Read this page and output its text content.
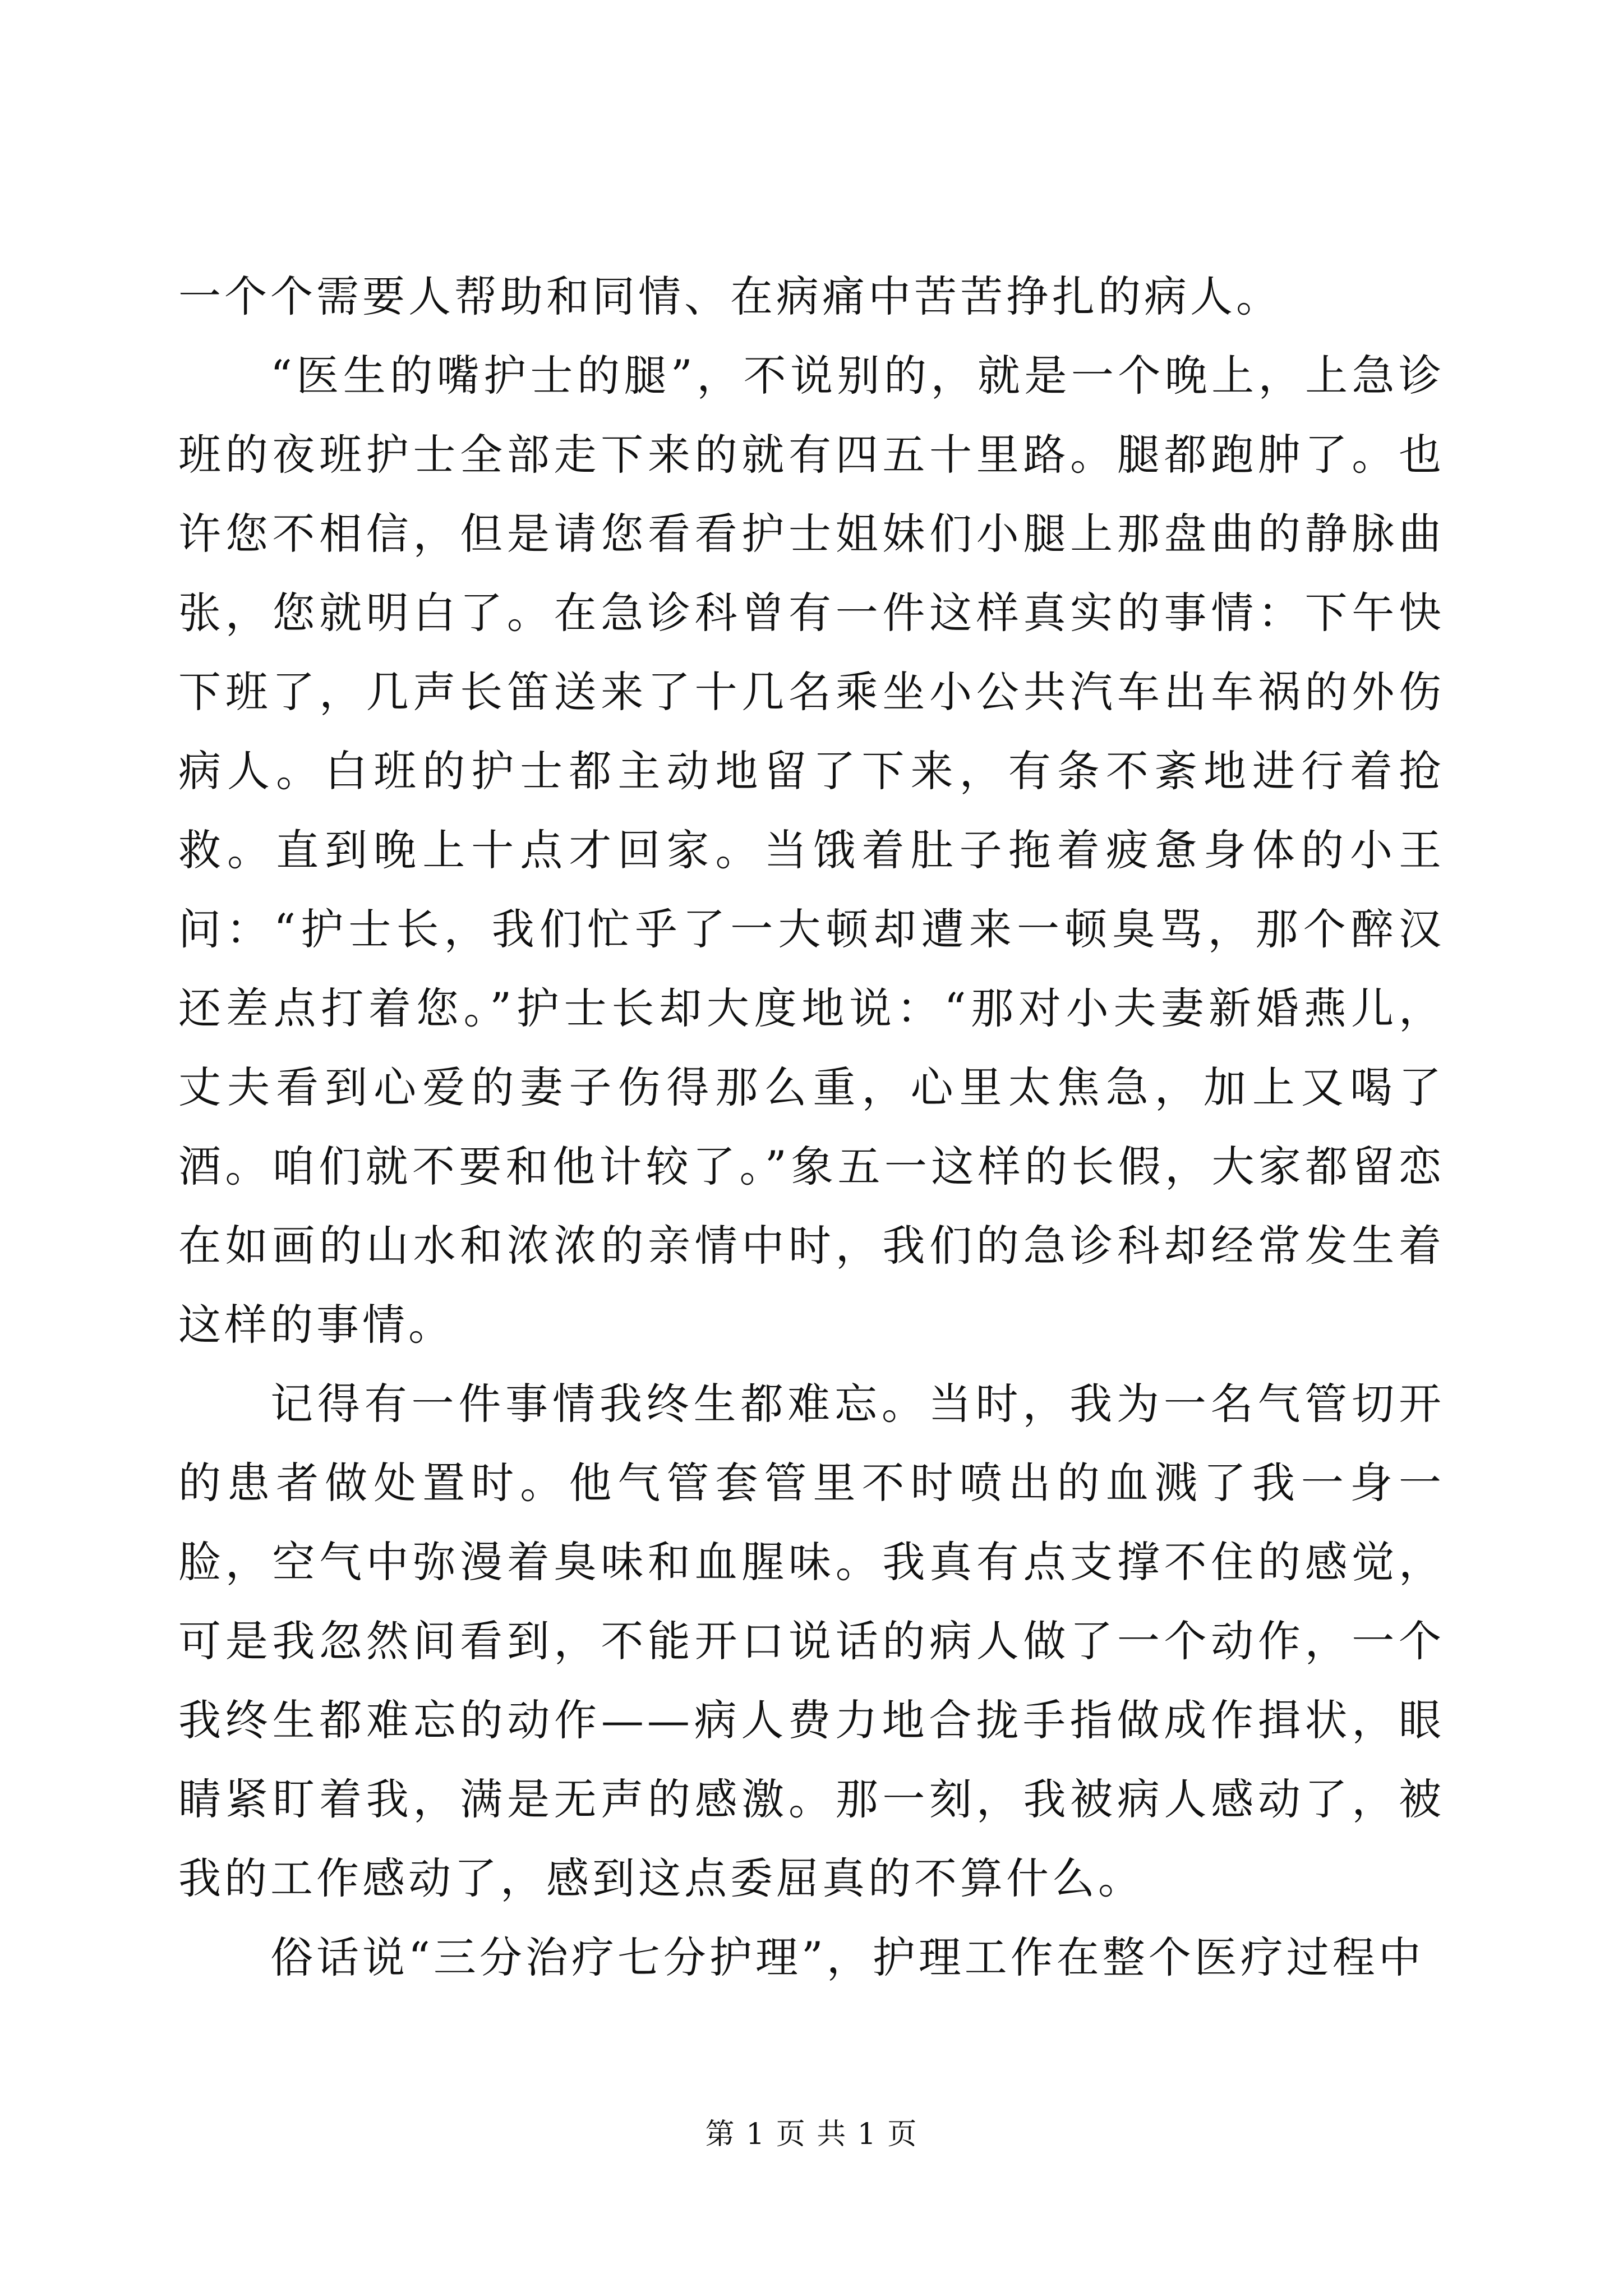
一个个需要人帮助和同情、在病痛中苦苦挣扎的病人。

“医生的嘴护士的腿”，不说别的，就是一个晚上，上急诊班的夜班护士全部走下来的就有四五十里路。腿都跑肿了。也许您不相信，但是请您看看护士姐妹们小腿上那盘曲的静脉曲张，您就明白了。在急诊科曾有一件这样真实的事情：下午快下班了，几声长笛送来了十几名乘坐小公共汽车出车祸的外伤病人。白班的护士都主动地留了下来，有条不紊地进行着抢救。直到晚上十点才回家。当饿着肚子拖着疲惫身体的小王问：“护士长，我们忙乎了一大顿却遭来一顿臭骂，那个醉汉还差点打着您。”护士长却大度地说：“那对小夫妻新婚燕儿，丈夫看到心爱的妻子伤得那么重，心里太焦急，加上又喝了酒。咱们就不要和他计较了。”象五一这样的长假，大家都留恋在如画的山水和浓浓的亲情中时，我们的急诊科却经常发生着这样的事情。

记得有一件事情我终生都难忘。当时，我为一名气管切开的患者做处置时。他气管套管里不时喷出的血溅了我一身一脸，空气中弥漫着臭味和血腥味。我真有点支撑不住的感觉，可是我忽然间看到，不能开口说话的病人做了一个动作，一个我终生都难忘的动作——病人费力地合拢手指做成作揖状，眼睛紧盯着我，满是无声的感激。那一刻，我被病人感动了，被我的工作感动了，感到这点委屈真的不算什么。

俗话说“三分治疗七分护理”，护理工作在整个医疗过程中

第 1 页 共 1 页
